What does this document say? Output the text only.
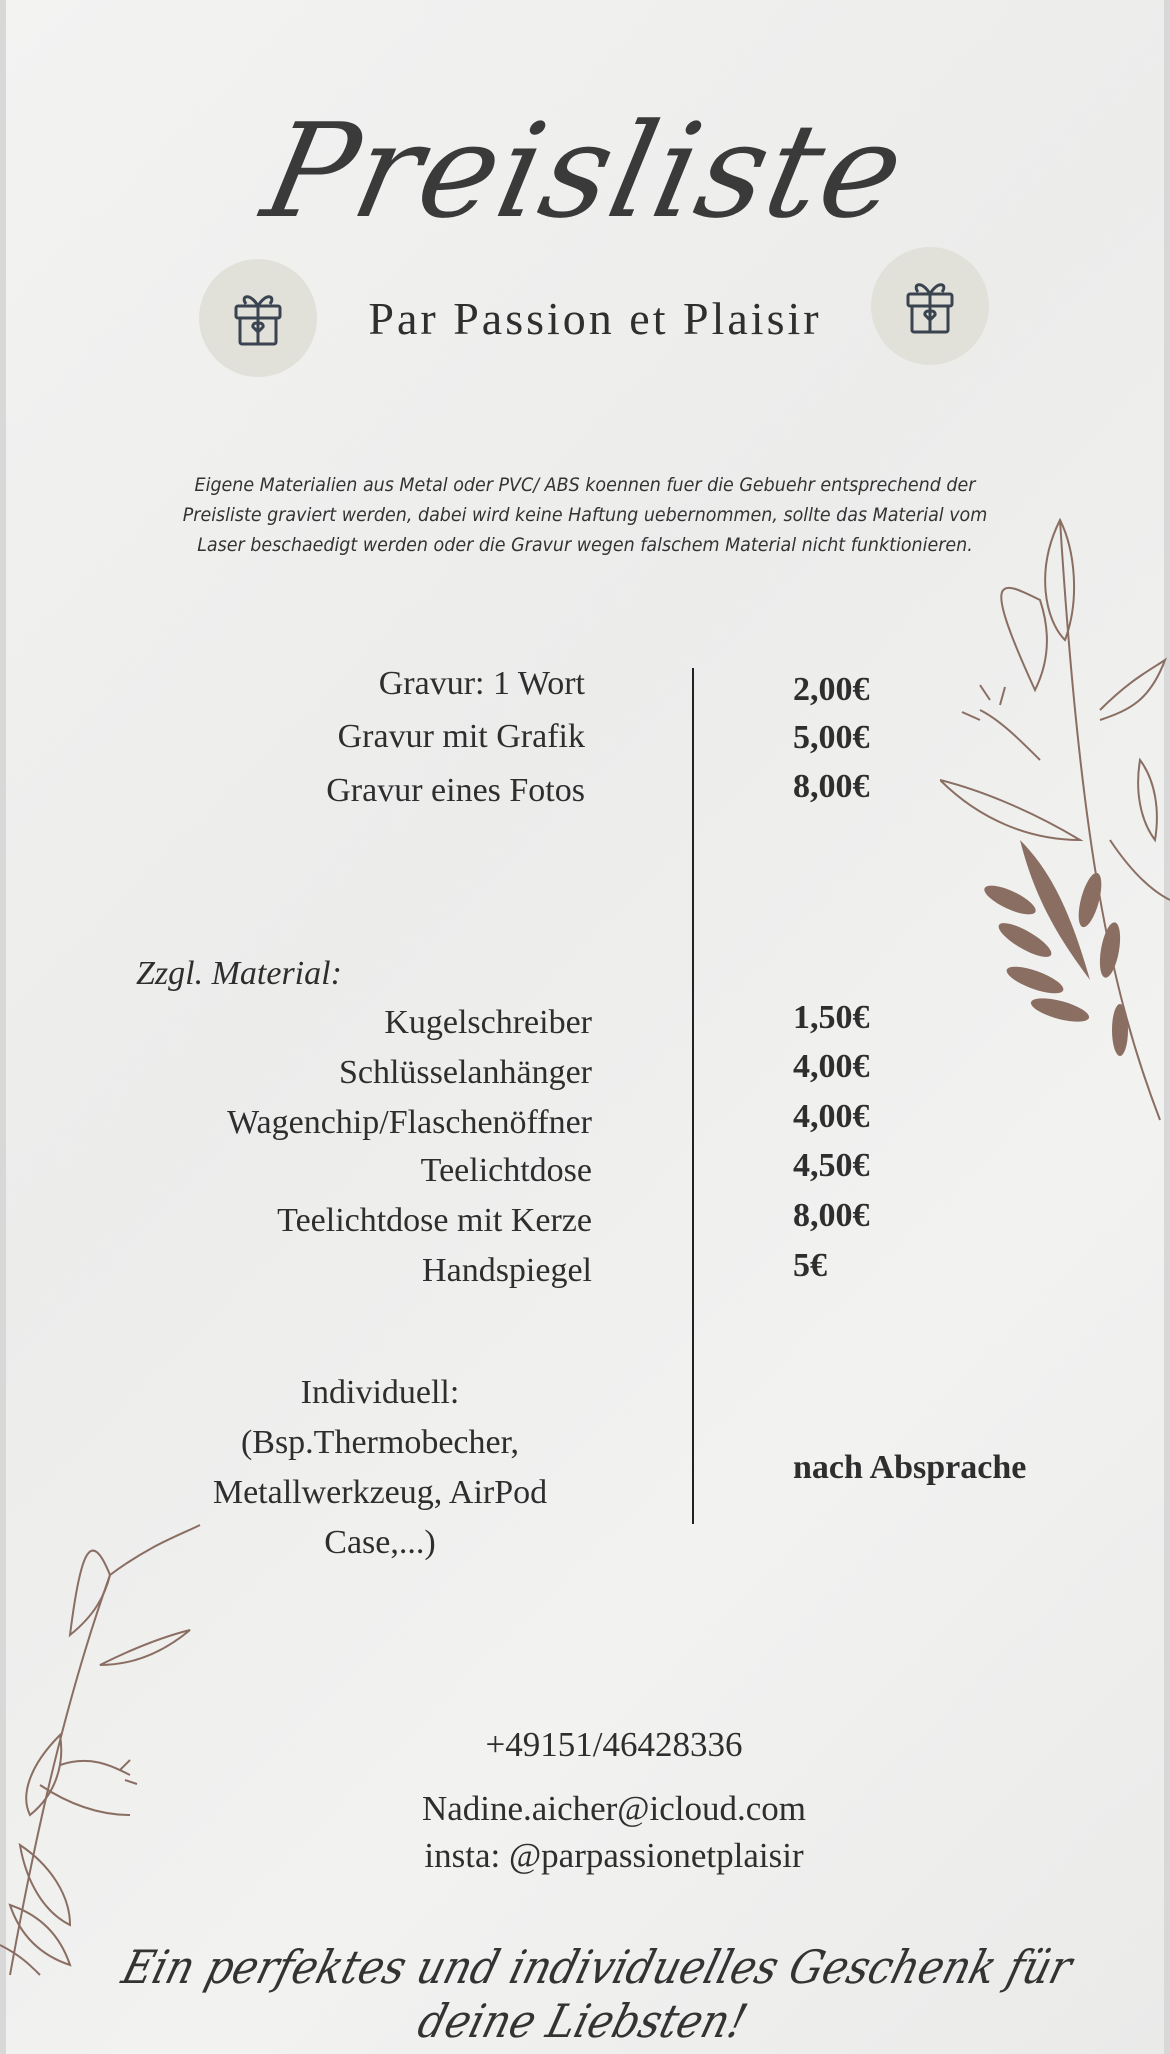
Preisliste
Par Passion et Plaisir
Eigene Materialien aus Metal oder PVC/ ABS koennen fuer die Gebuehr entsprechend der
Preisliste graviert werden, dabei wird keine Haftung uebernommen, sollte das Material vom
Laser beschaedigt werden oder die Gravur wegen falschem Material nicht funktionieren.
Gravur: 1 Wort
Gravur mit Grafik
Gravur eines Fotos
2,00€
5,00€
8,00€
Zzgl. Material:
Kugelschreiber
Schlüsselanhänger
Wagenchip/Flaschenöffner
Teelichtdose
Teelichtdose mit Kerze
Handspiegel
1,50€
4,00€
4,00€
4,50€
8,00€
5€
Individuell:
(Bsp.Thermobecher,
Metallwerkzeug, AirPod
Case,...)
nach Absprache
+49151/46428336
Nadine.aicher@icloud.com
insta: @parpassionetplaisir
Ein perfektes und individuelles Geschenk für deine Liebsten!
